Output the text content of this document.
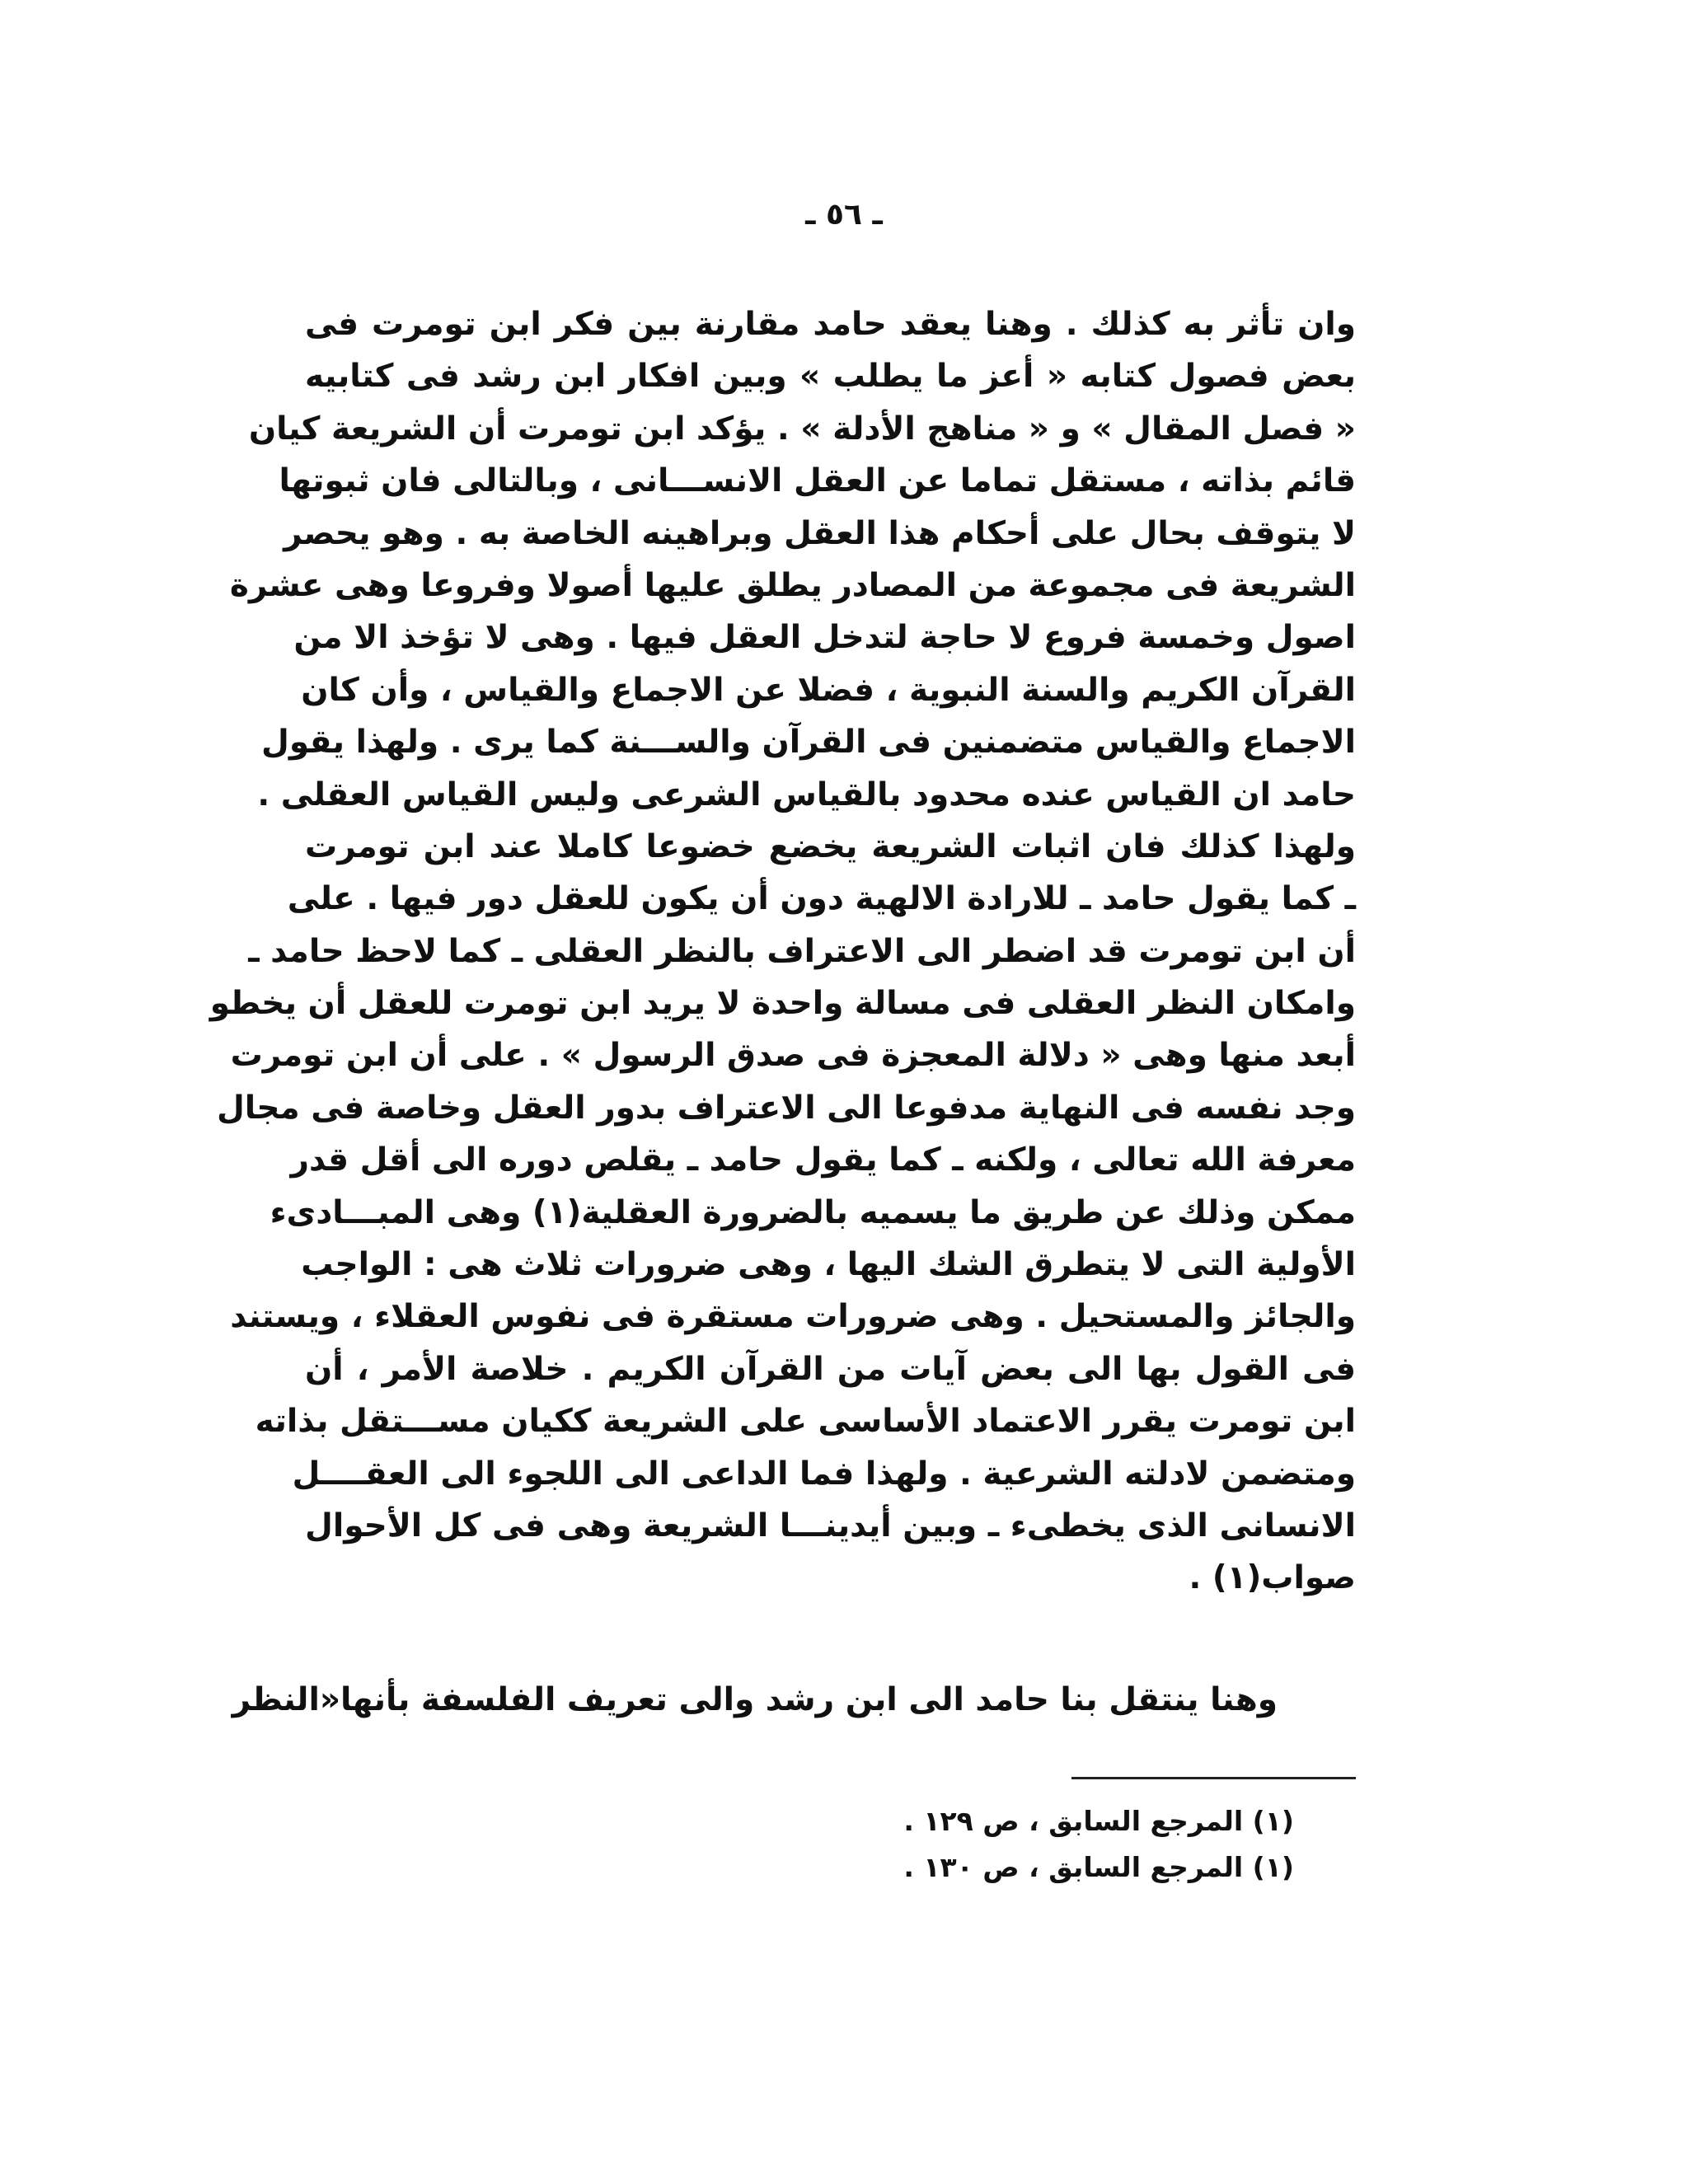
ـ ٥٦ ـ
وان تأثر به كذلك . وهنا يعقد حامد مقارنة بين فكر ابن تومرت فى
بعض فصول كتابه « أعز ما يطلب » وبين افكار ابن رشد فى كتابيه
« فصل المقال » و « مناهج الأدلة » . يؤكد ابن تومرت أن الشريعة كيان
قائم بذاته ، مستقل تماما عن العقل الانســـانى ، وبالتالى فان ثبوتها
لا يتوقف بحال على أحكام هذا العقل وبراهينه الخاصة به . وهو يحصر
الشريعة فى مجموعة من المصادر يطلق عليها أصولا وفروعا وهى عشرة
اصول وخمسة فروع لا حاجة لتدخل العقل فيها . وهى لا تؤخذ الا من
القرآن الكريم والسنة النبوية ، فضلا عن الاجماع والقياس ، وأن كان
الاجماع والقياس متضمنين فى القرآن والســـنة كما يرى . ولهذا يقول
حامد ان القياس عنده محدود بالقياس الشرعى وليس القياس العقلى .
ولهذا كذلك فان اثبات الشريعة يخضع خضوعا كاملا عند ابن تومرت
ـ كما يقول حامد ـ للارادة الالهية دون أن يكون للعقل دور فيها . على
أن ابن تومرت قد اضطر الى الاعتراف بالنظر العقلى ـ كما لاحظ حامد ـ
وامكان النظر العقلى فى مسالة واحدة لا يريد ابن تومرت للعقل أن يخطو
أبعد منها وهى « دلالة المعجزة فى صدق الرسول » . على أن ابن تومرت
وجد نفسه فى النهاية مدفوعا الى الاعتراف بدور العقل وخاصة فى مجال
معرفة الله تعالى ، ولكنه ـ كما يقول حامد ـ يقلص دوره الى أقل قدر
ممكن وذلك عن طريق ما يسميه بالضرورة العقلية(١) وهى المبـــادىء
الأولية التى لا يتطرق الشك اليها ، وهى ضرورات ثلاث هى : الواجب
والجائز والمستحيل . وهى ضرورات مستقرة فى نفوس العقلاء ، ويستند
فى القول بها الى بعض آيات من القرآن الكريم . خلاصة الأمر ، أن
ابن تومرت يقرر الاعتماد الأساسى على الشريعة ككيان مســـتقل بذاته
ومتضمن لادلته الشرعية . ولهذا فما الداعى الى اللجوء الى العقــــل
الانسانى الذى يخطىء ـ وبين أيدينـــا الشريعة وهى فى كل الأحوال
صواب(١) .
وهنا ينتقل بنا حامد الى ابن رشد والى تعريف الفلسفة بأنها«النظر
(١) المرجع السابق ، ص ١٢٩ .
(١) المرجع السابق ، ص ١٣٠ .
